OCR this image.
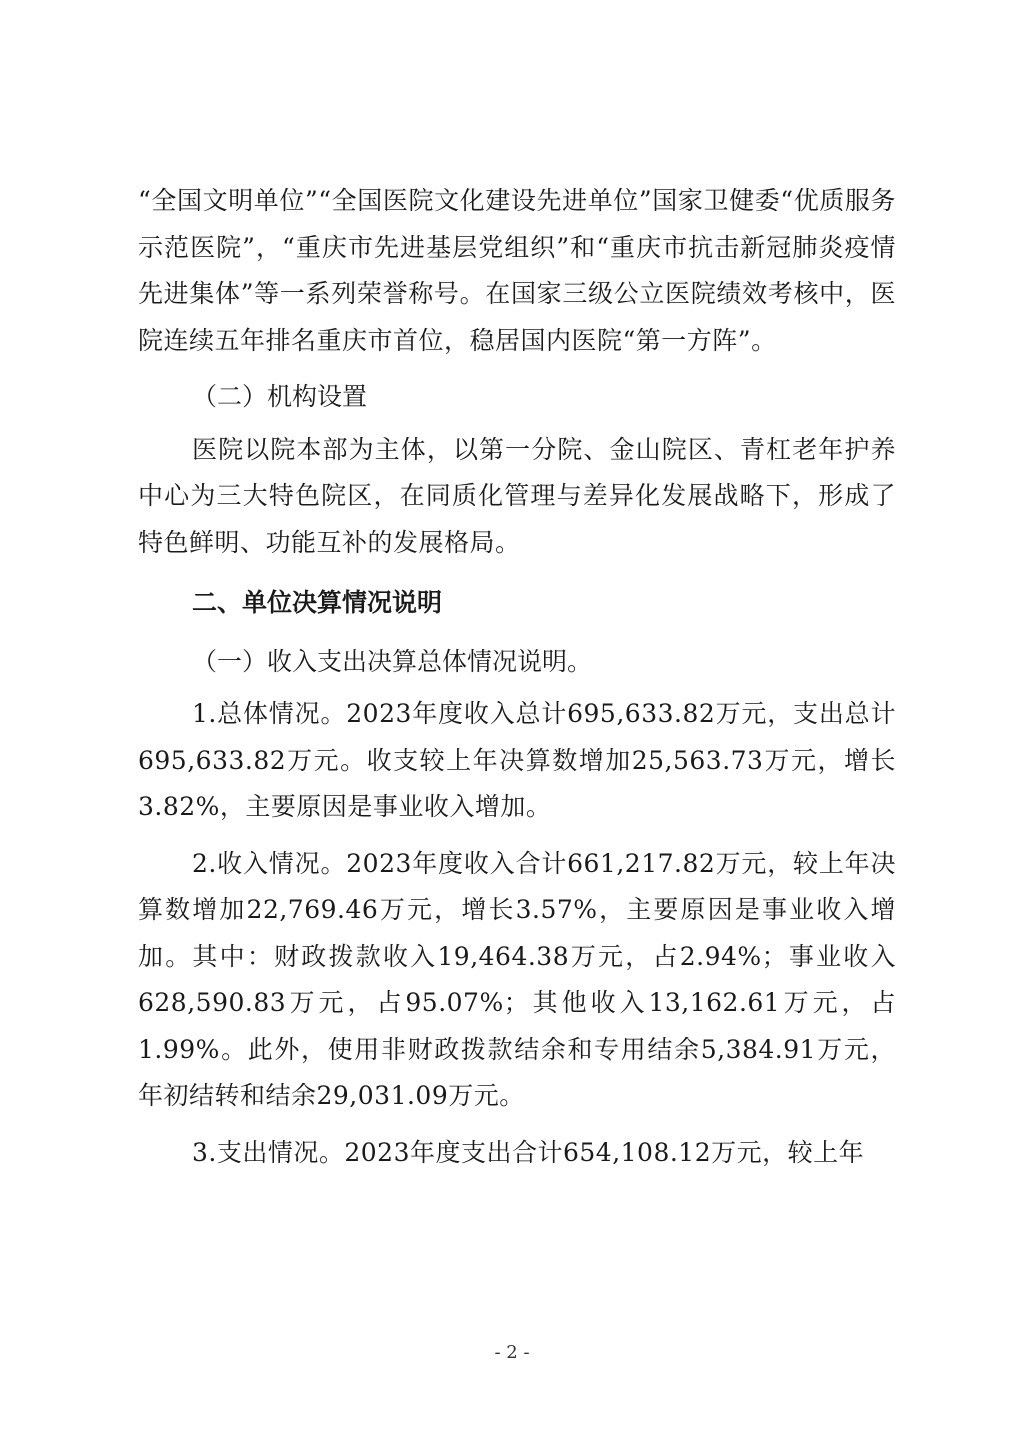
“全国文明单位”“全国医院文化建设先进单位”国家卫健委“优质服务示范医院”，“重庆市先进基层党组织”和“重庆市抗击新冠肺炎疫情先进集体”等一系列荣誉称号。在国家三级公立医院绩效考核中，医院连续五年排名重庆市首位，稳居国内医院“第一方阵”。

（二）机构设置

医院以院本部为主体，以第一分院、金山院区、青杠老年护养中心为三大特色院区，在同质化管理与差异化发展战略下，形成了特色鲜明、功能互补的发展格局。

二、单位决算情况说明

（一）收入支出决算总体情况说明。

1.总体情况。2023年度收入总计695,633.82万元，支出总计695,633.82万元。收支较上年决算数增加25,563.73万元，增长3.82%，主要原因是事业收入增加。

2.收入情况。2023年度收入合计661,217.82万元，较上年决算数增加22,769.46万元，增长3.57%，主要原因是事业收入增加。其中：财政拨款收入19,464.38万元，占2.94%；事业收入628,590.83万元，占95.07%；其他收入13,162.61万元，占1.99%。此外，使用非财政拨款结余和专用结余5,384.91万元，年初结转和结余29,031.09万元。

3.支出情况。2023年度支出合计654,108.12万元，较上年

- 2 -
